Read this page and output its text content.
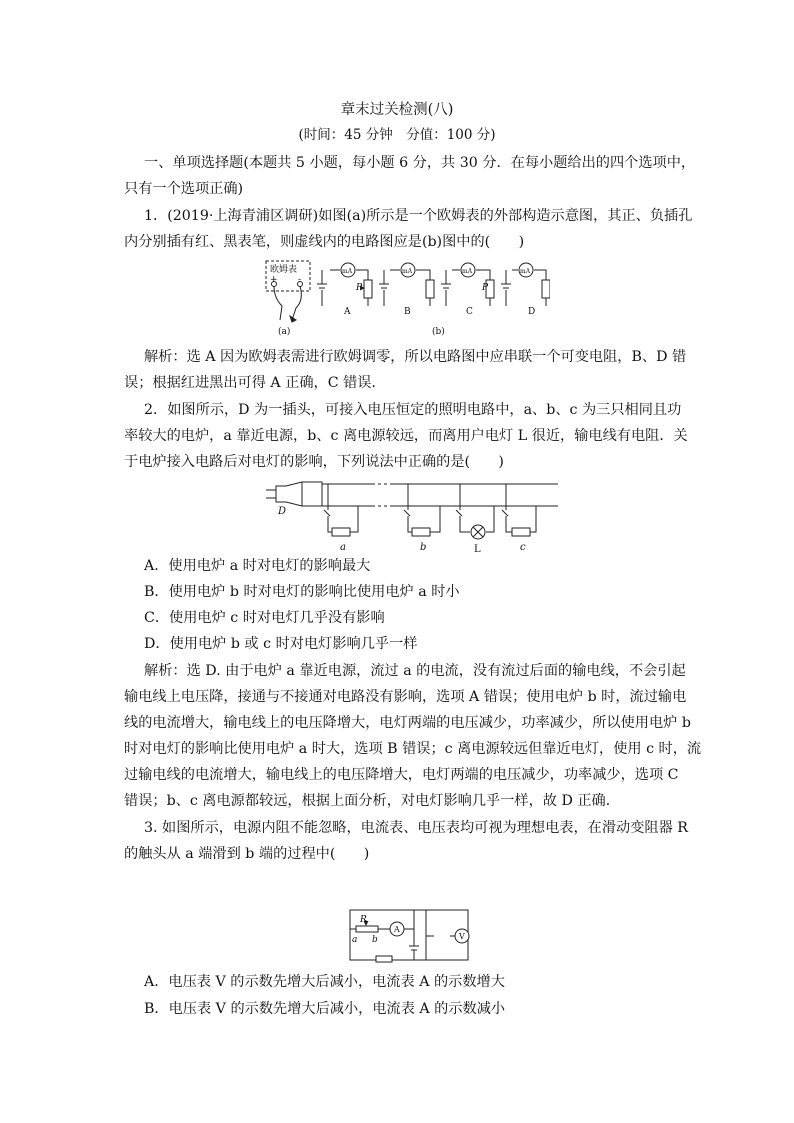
章末过关检测(八)
(时间：45 分钟　分值：100 分)
一、单项选择题(本题共 5 小题，每小题 6 分，共 30 分．在每小题给出的四个选项中，
只有一个选项正确)
1．(2019·上海青浦区调研)如图(a)所示是一个欧姆表的外部构造示意图，其正、负插孔
内分别插有红、黑表笔，则虚线内的电路图应是(b)图中的(　　)
欧姆表
+ -
mA	mA	mA	mA
P	P
(a)
A	B
(b)
C	D
解析：选 A 因为欧姆表需进行欧姆调零，所以电路图中应串联一个可变电阻，B、D 错
误；根据红进黑出可得 A 正确，C 错误．
2．如图所示，D 为一插头，可接入电压恒定的照明电路中，a、b、c 为三只相同且功
率较大的电炉，a 靠近电源，b、c 离电源较远，而离用户电灯 L 很近，输电线有电阻．关
于电炉接入电路后对电灯的影响，下列说法中正确的是(　　)
D
a	b	L	c
A．使用电炉 a 时对电灯的影响最大
B．使用电炉 b 时对电灯的影响比使用电炉 a 时小
C．使用电炉 c 时对电灯几乎没有影响
D．使用电炉 b 或 c 时对电灯影响几乎一样
解析：选 D. 由于电炉 a 靠近电源，流过 a 的电流，没有流过后面的输电线，不会引起
输电线上电压降，接通与不接通对电路没有影响，选项 A 错误；使用电炉 b 时，流过输电
线的电流增大，输电线上的电压降增大，电灯两端的电压减少，功率减少，所以使用电炉 b
时对电灯的影响比使用电炉 a 时大，选项 B 错误；c 离电源较远但靠近电灯，使用 c 时，流
过输电线的电流增大，输电线上的电压降增大，电灯两端的电压减少，功率减少，选项 C
错误；b、c 离电源都较远，根据上面分析，对电灯影响几乎一样，故 D 正确．
3. 如图所示，电源内阻不能忽略，电流表、电压表均可视为理想电表，在滑动变阻器 R
的触头从 a 端滑到 b 端的过程中(　　)
R
a b
A
V
A．电压表 V 的示数先增大后减小，电流表 A 的示数增大
B．电压表 V 的示数先增大后减小，电流表 A 的示数减小
